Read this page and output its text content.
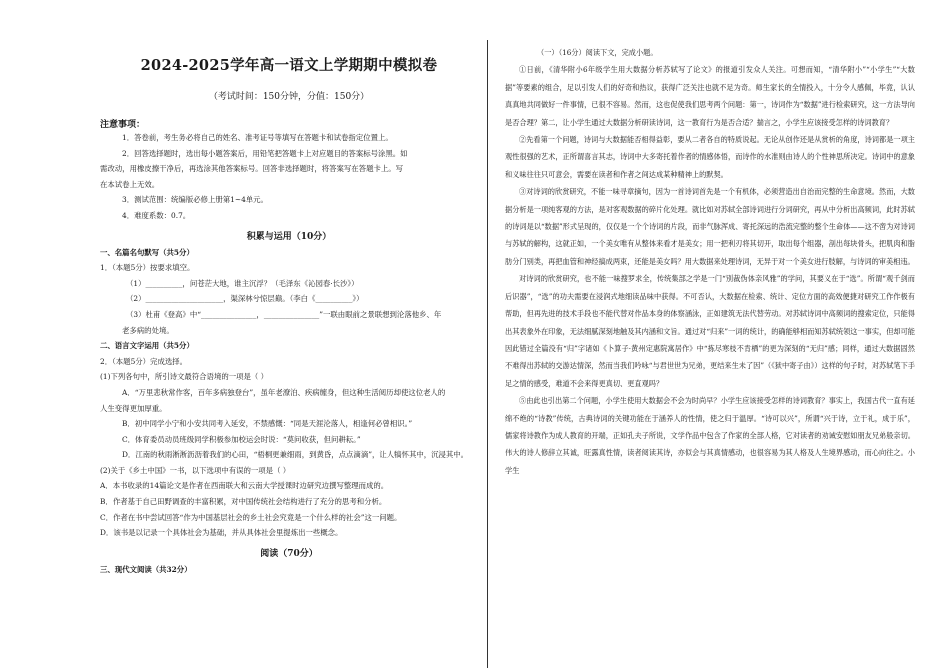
2024-2025学年高一语文上学期期中模拟卷
（考试时间：150分钟，分值：150分）
注意事项：
1．答卷前，考生务必将自己的姓名、准考证号等填写在答题卡和试卷指定位置上。
2．回答选择题时，选出每小题答案后，用铅笔把答题卡上对应题目的答案标号涂黑。如
需改动，用橡皮擦干净后，再选涂其他答案标号。回答非选择题时，将答案写在答题卡上。写
在本试卷上无效。
3．测试范围：统编版必修上册第1~4单元。
4．难度系数：0.7。
积累与运用（10分）
一、名篇名句默写（共5分）
1．（本题5分）按要求填空。
（1）__________，问苍茫大地，谁主沉浮？（毛泽东《沁园春·长沙》）
（2）_____________________，渠深林兮惊层巅。（李白《__________》）
（3）杜甫《登高》中“_______________，_______________”一联由眼前之景联想到沦落他乡、年
老多病的处境。
二、语言文字运用（共5分）
2．（本题5分）完成选择。
(1)下列各句中，所引诗文最符合语境的一项是（ ）
A．“万里悲秋常作客，百年多病独登台”，虽年老潦泊、疾病缠身，但这种生活阅历却使这位老人的
人生变得更加厚重。
B．初中同学小宁和小安共同考入延安，不禁感慨：“同是天涯沦落人，相逢何必曾相识。”
C．体育委员动员班级同学积极参加校运会时说：“莫问收获，但问耕耘。”
D．江南的秋雨淅淅沥沥着我们的心田，“梧桐更兼细雨，到黄昏，点点滴滴”，让人犒怀其中，沉浸其中。
(2)关于《乡土中国》一书，以下选项中有误的一项是（ ）
A．本书收录的14篇论文是作者在西南联大和云南大学授课时边研究边撰写整理而成的。
B．作者基于自己田野调查的丰富积累，对中国传统社会结构进行了充分的思考和分析。
C．作者在书中尝试回答“作为中国基层社会的乡土社会究竟是一个什么样的社会”这一问题。
D．该书是以记录一个具体社会为基础，并从具体社会里提炼出一些概念。
阅读（70分）
三、现代文阅读（共32分）
（一）（16分）阅读下文，完成小题。
①日前，《清华附小6年级学生用大数据分析苏轼写了论文》的报道引发众人关注。可想而知，“清华附小”“小学生”“大数据”等要素的组合，足以引发人们的好奇和热议，获得广泛关注也就不足为奇。师生家长的全情投入，十分令人感佩，毕竟，认认真真地共同做好一件事情，已很不容易。然而，这也促使我们思考两个问题：第一，诗词作为“数据”进行检索研究，这一方法导向是否合理？第二，让小学生通过大数据分析研读诗词，这一教育行为是否合适？揣言之，小学生应该接受怎样的诗词教育？
②先看第一个问题，诗词与大数据能否相得益彰，要从二者各自的特质说起。无论从创作还是从赏析的角度，诗词都是一项主观性很强的艺术，正所谓喜言其志，诗词中大多寄托着作者的情感体悟，而诗作的水准则由诗人的个性神思所决定。诗词中的意象和义味往往只可意会，需要在读者和作者之间达成某种精神上的默契。
③对诗词的欣赏研究，不能一味寻章摘句，因为一首诗词首先是一个有机体，必须营造出自治而完整的生命意境。然而，大数据分析是一项纯客观的方法，是对客观数据的碎片化处理。就比如对苏轼全部诗词进行分词研究，再从中分析出高频词，此时苏轼的诗词是以“数据”形式呈现的，仅仅是一个个诗词的片段，而非气脉浑成、寄托深远的浩流完整的整个生命体——这不啻为对诗词与苏轼的解构，这就正如，一个美女唯有从整体来看才是美女；用一把利刃将其切开，取出每个组器，剖出每块骨头，把肌肉和脂肪分门别类，再把血管和神经搞成两束，还能是美女吗？用大数据来处理诗词，无异于对一个美女进行肢解，与诗词的审美相违。
对诗词的欣赏研究，也不能一味搜罗求全，传统集部之学是一门“別裁伪体亲风雅”的学问，其要义在于“选”。所谓“观千剑而后识器”，“选”的功夫需要在浸润式地细读品味中获得。不可否认，大数据在检索、统计、定位方面的高效便捷对研究工作作极有帮助，但再先进的技术手段也不能代替对作品本身的体察涵泳，正如建筑无法代替劳动。对苏轼诗词中高频词的搜索定位，只能得出其表象外在印象，无法细腻深刻地触及其内涵和文旨。通过对“归来”一词的统计，的确能够相而知苏轼统领这一事实，但却可能因此错过全篇没有“归”字诸如《卜算子·黄州定惠院寓居作》中“拣尽寒枝不肯栖”的更为深刻的“无归”感；同样，通过大数据固然不难得出苏轼的交游达情深，然而当我们吟咏“与君世世为兄弟，更结来生未了因”（《狱中寄子由》）这样的句子时，对苏轼笔下手足之情的感受，难道不会来得更真切、更直观吗？
⑤由此也引出第二个问题，小学生使用大数据会不会为时尚早？小学生应该接受怎样的诗词教育？事实上，我国古代一直有延绵不绝的“诗教”传统，古典诗词的关键功能在于涵养人的性情，使之归于温厚。“诗可以兴”，所谓“兴于诗，立于礼，成于乐”，儒家将诗教作为成人教育的开端，正如孔夫子所说，文学作品中包含了作家的全部人格，它对读者的劝诫安慰如朋友兄弟般亲切。伟大的诗人修辞立其诚，旺露真性情，读者阅读其诗，亦似会与其真情感动，也很容易为其人格及人生境界感动，而心向往之。小学生
